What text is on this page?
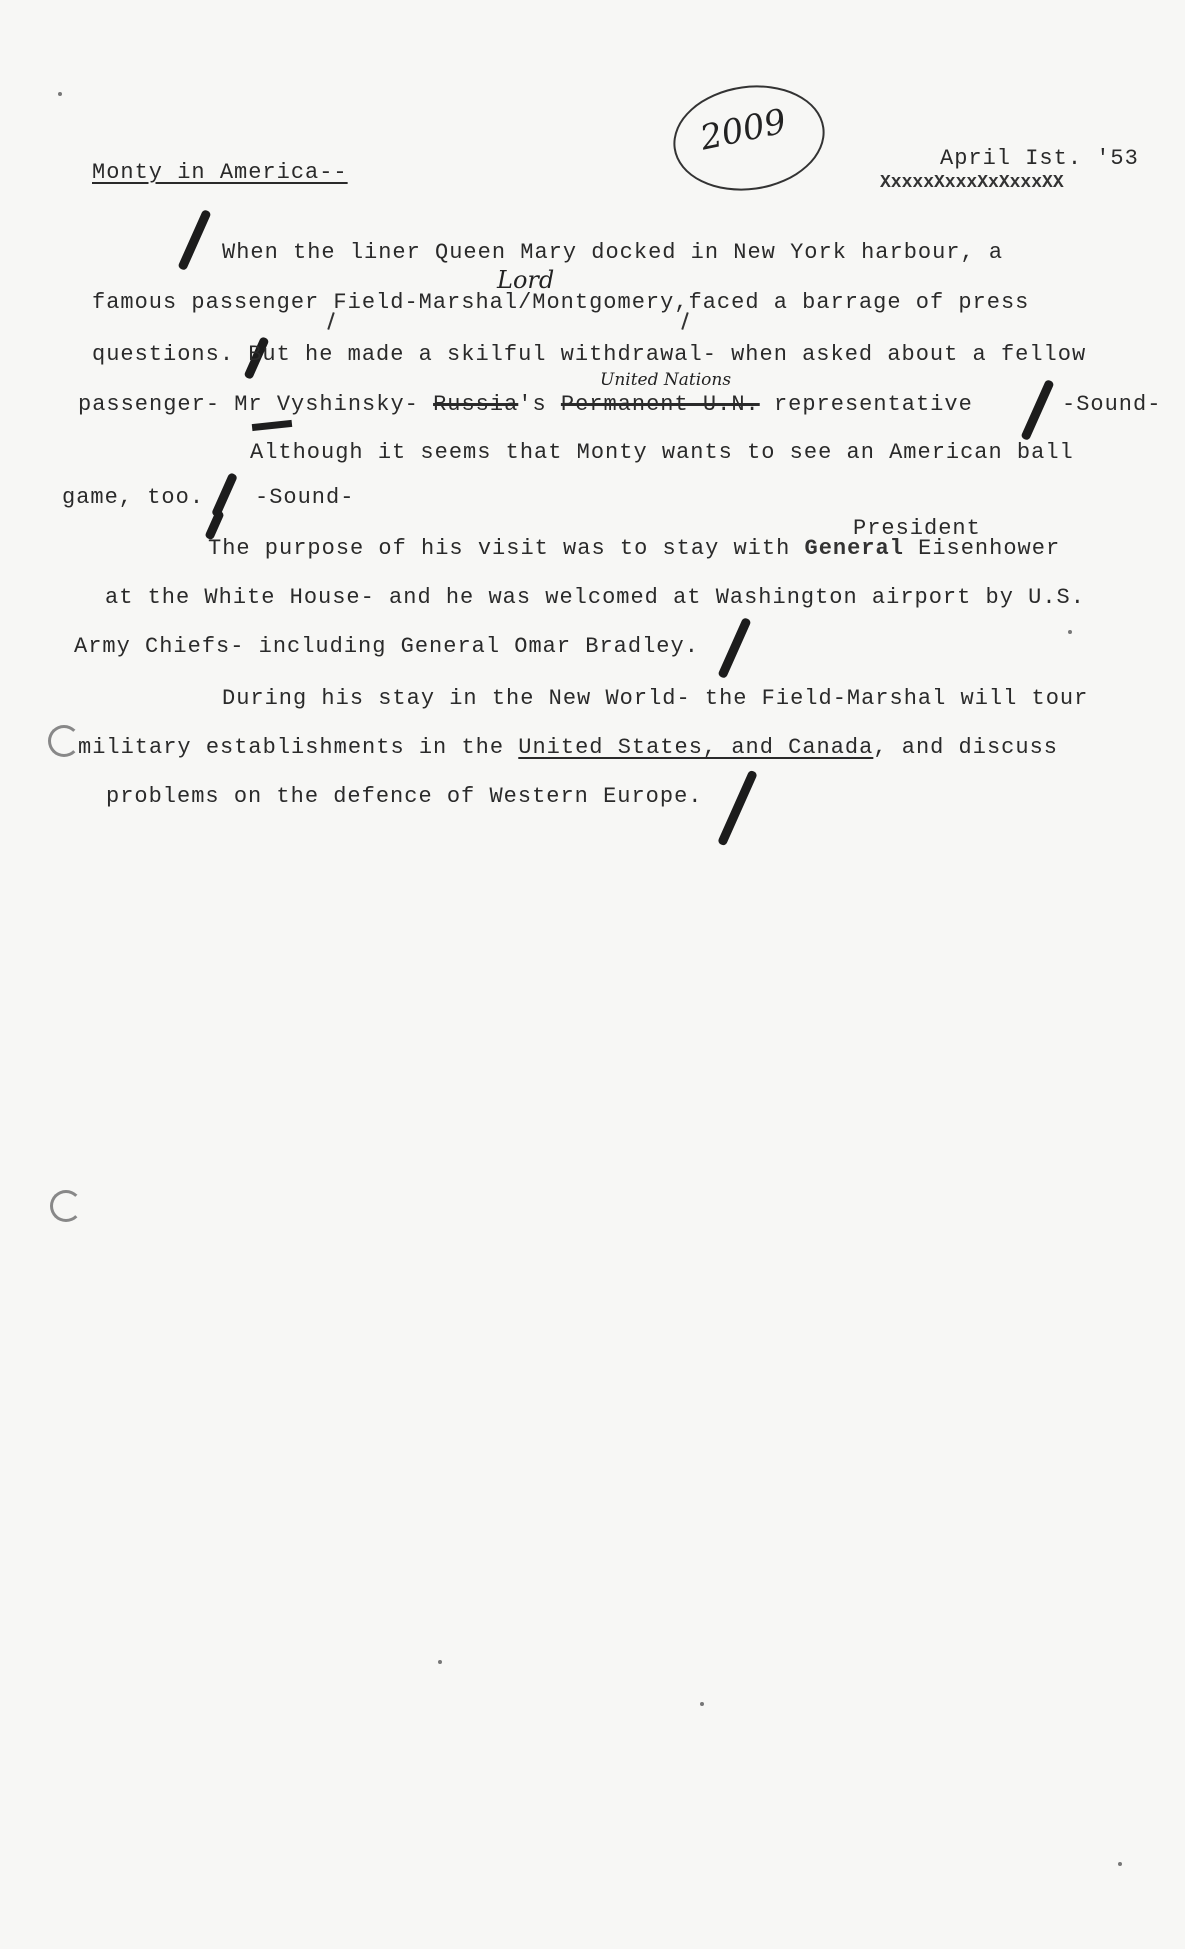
2009
Monty in America--
April Ist. '53
XxxxxXxxxXxXxxxXX
When the liner Queen Mary docked in New York harbour, a
Lord
famous passenger Field-Marshal/Montgomery,faced a barrage of press
questions. But he made a skilful withdrawal- when asked about a fellow
United Nations
passenger- Mr Vyshinsky- Russia's Permanent U.N. representative	-Sound-
Although it seems that Monty wants to see an American ball
game, too. -Sound-
President
The purpose of his visit was to stay with General Eisenhower
at the White House- and he was welcomed at Washington airport by U.S.
Army Chiefs- including General Omar Bradley.
During his stay in the New World- the Field-Marshal will tour
military establishments in the United States, and Canada, and discuss
problems on the defence of Western Europe.
